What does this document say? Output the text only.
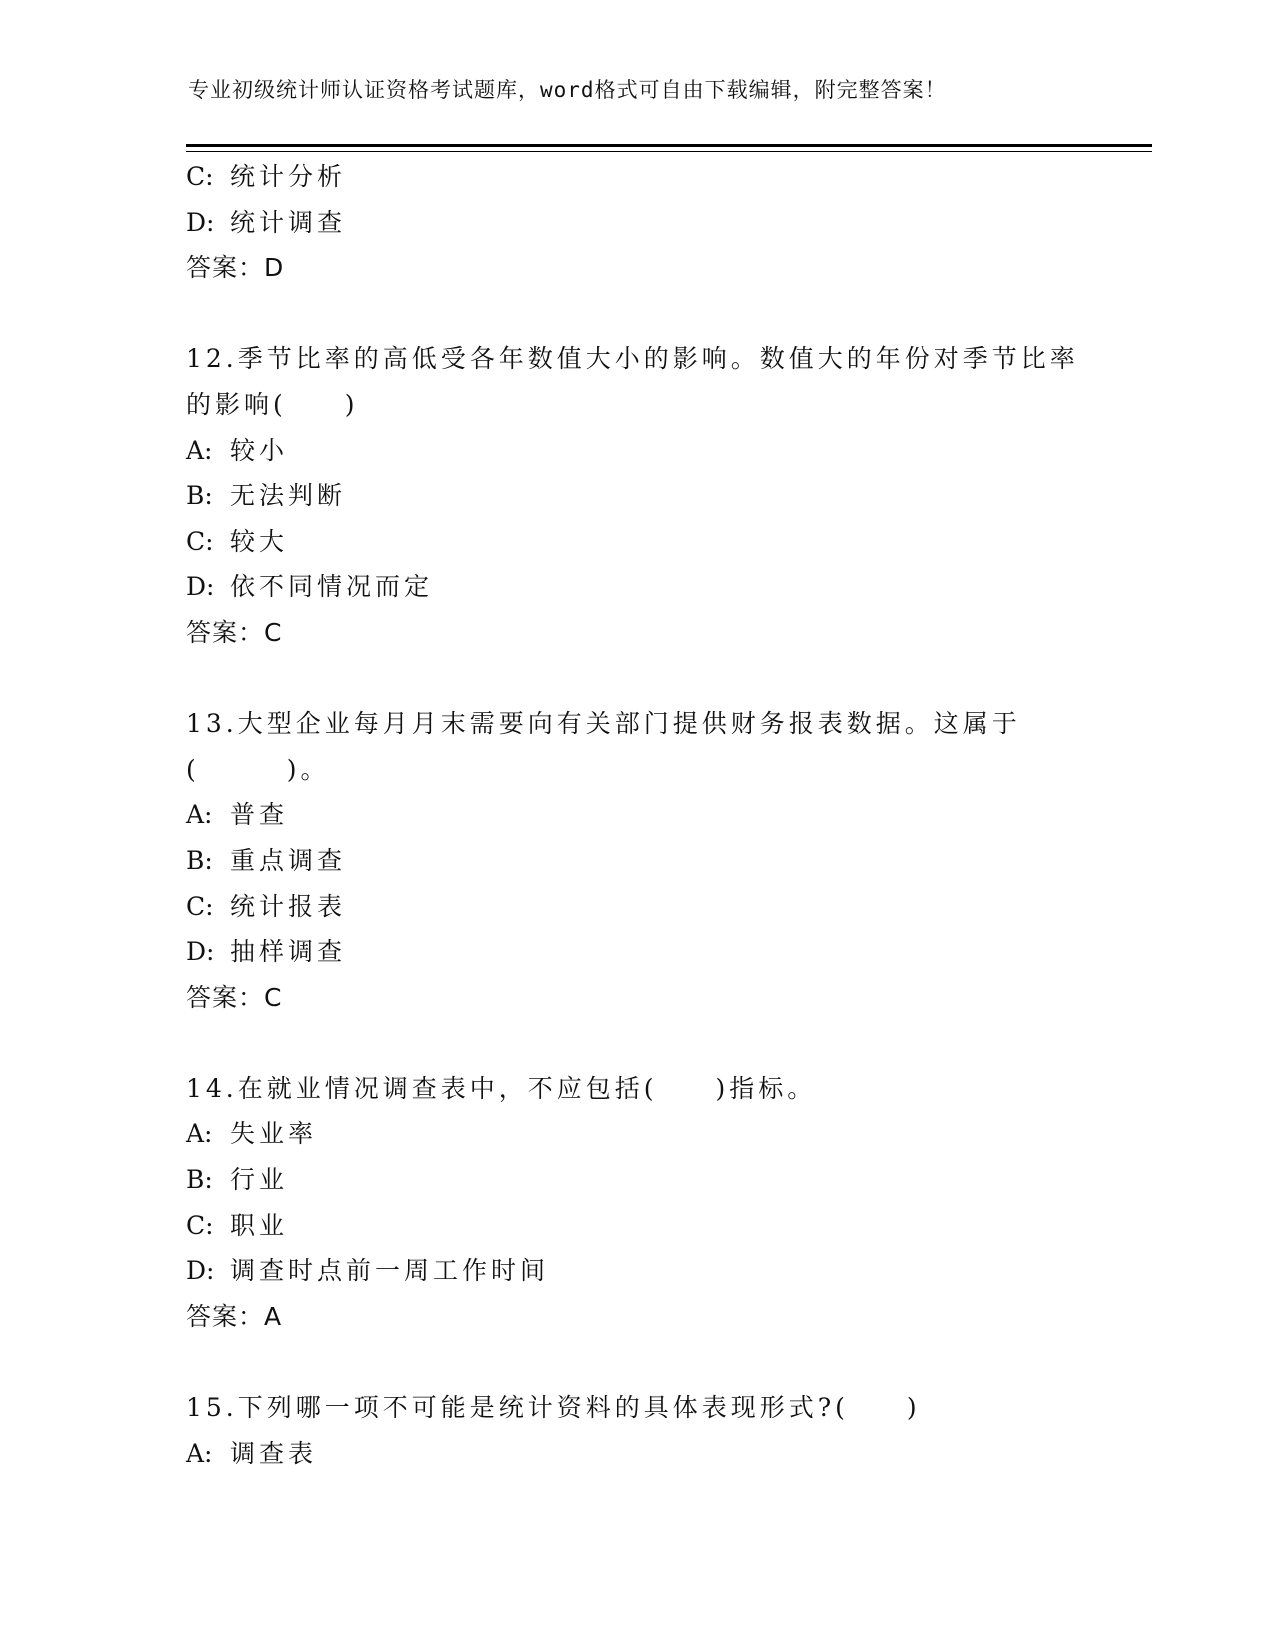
专业初级统计师认证资格考试题库，word格式可自由下载编辑，附完整答案！
C: 统计分析
D: 统计调查
答案：D
12.季节比率的高低受各年数值大小的影响。数值大的年份对季节比率
的影响(　　)
A: 较小
B: 无法判断
C: 较大
D: 依不同情况而定
答案：C
13.大型企业每月月末需要向有关部门提供财务报表数据。这属于
(　　　)。
A: 普查
B: 重点调查
C: 统计报表
D: 抽样调查
答案：C
14.在就业情况调查表中，不应包括(　　)指标。
A: 失业率
B: 行业
C: 职业
D: 调查时点前一周工作时间
答案：A
15.下列哪一项不可能是统计资料的具体表现形式?(　　)
A: 调查表
